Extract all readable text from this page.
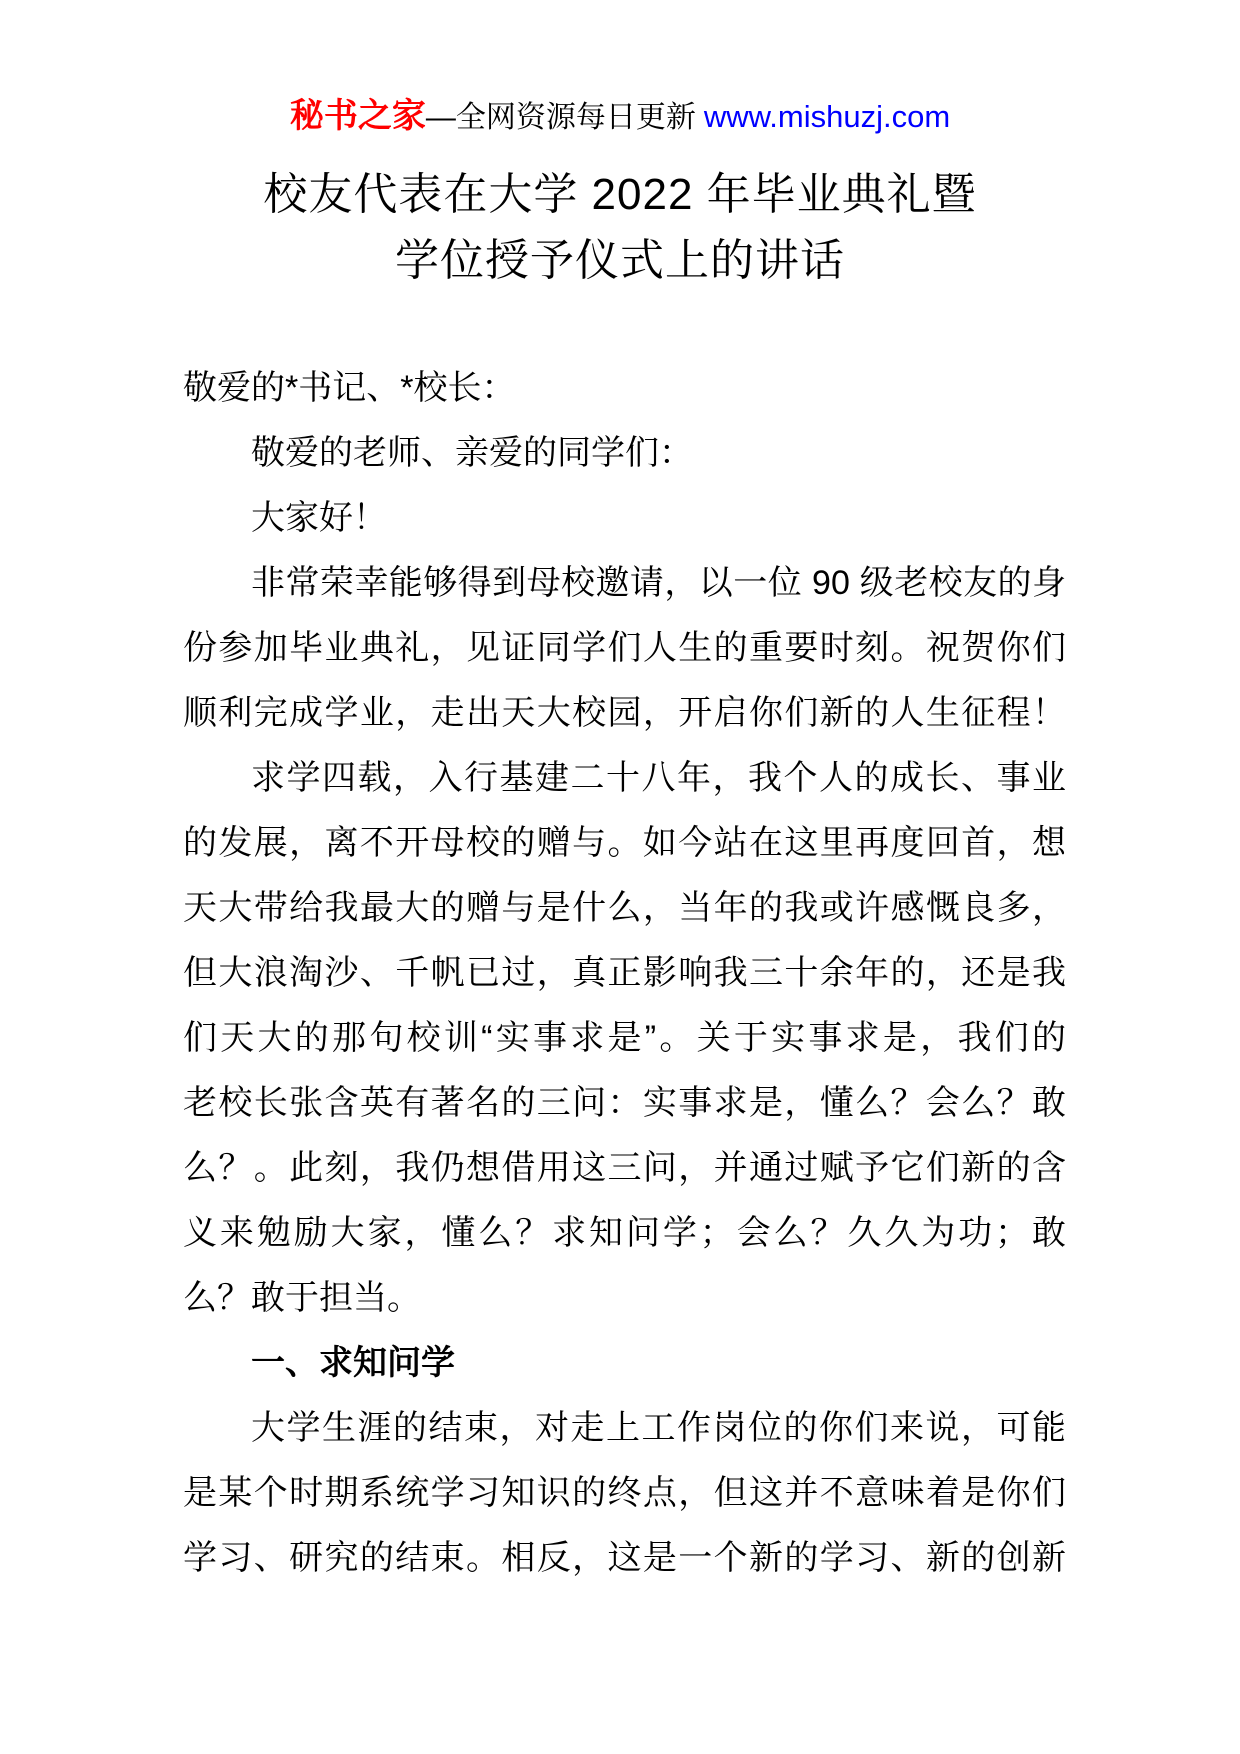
秘书之家—全网资源每日更新 www.mishuzj.com
校友代表在大学 2022 年毕业典礼暨
学位授予仪式上的讲话
敬爱的*书记、*校长：
敬爱的老师、亲爱的同学们：
大家好！
非常荣幸能够得到母校邀请，以一位 90 级老校友的身
份参加毕业典礼，见证同学们人生的重要时刻。祝贺你们
顺利完成学业，走出天大校园，开启你们新的人生征程！
求学四载，入行基建二十八年，我个人的成长、事业
的发展，离不开母校的赠与。如今站在这里再度回首，想
天大带给我最大的赠与是什么，当年的我或许感慨良多，
但大浪淘沙、千帆已过，真正影响我三十余年的，还是我
们天大的那句校训“实事求是”。关于实事求是，我们的
老校长张含英有著名的三问：实事求是，懂么？会么？敢
么？。此刻，我仍想借用这三问，并通过赋予它们新的含
义来勉励大家，懂么？求知问学；会么？久久为功；敢
么？敢于担当。
一、求知问学
大学生涯的结束，对走上工作岗位的你们来说，可能
是某个时期系统学习知识的终点，但这并不意味着是你们
学习、研究的结束。相反，这是一个新的学习、新的创新
